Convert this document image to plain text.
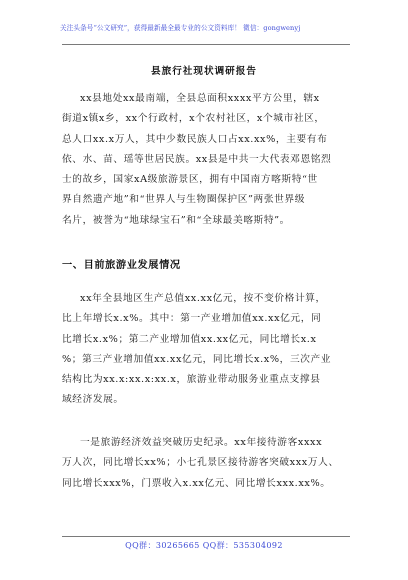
关注头条号“公文研究”，获得最新最全最专业的公文资料库！ 微信：gongwenyj
县旅行社现状调研报告
xx县地处xx最南端，全县总面积xxxx平方公里，辖x
街道x镇x乡，xx个行政村，x个农村社区，x个城市社区，
总人口xx.x万人，其中少数民族人口占xx.xx%，主要有布
依、水、苗、瑶等世居民族。xx县是中共一大代表邓恩铭烈
士的故乡，国家xA级旅游景区，拥有中国南方喀斯特“世
界自然遗产地”和“世界人与生物圈保护区”两张世界级
名片，被誉为“地球绿宝石”和“全球最美喀斯特”。
一、目前旅游业发展情况
xx年全县地区生产总值xx.xx亿元，按不变价格计算，
比上年增长x.x%。其中：第一产业增加值xx.xx亿元，同
比增长x.x%；第二产业增加值xx.xx亿元，同比增长x.x
%；第三产业增加值xx.xx亿元，同比增长x.x%，三次产业
结构比为xx.x:xx.x:xx.x，旅游业带动服务业重点支撑县
域经济发展。
一是旅游经济效益突破历史纪录。xx年接待游客xxxx
万人次，同比增长xx%；小七孔景区接待游客突破xxx万人、
同比增长xxx%，门票收入x.xx亿元、同比增长xxx.xx%。
QQ群：30265665 QQ群：535304092
